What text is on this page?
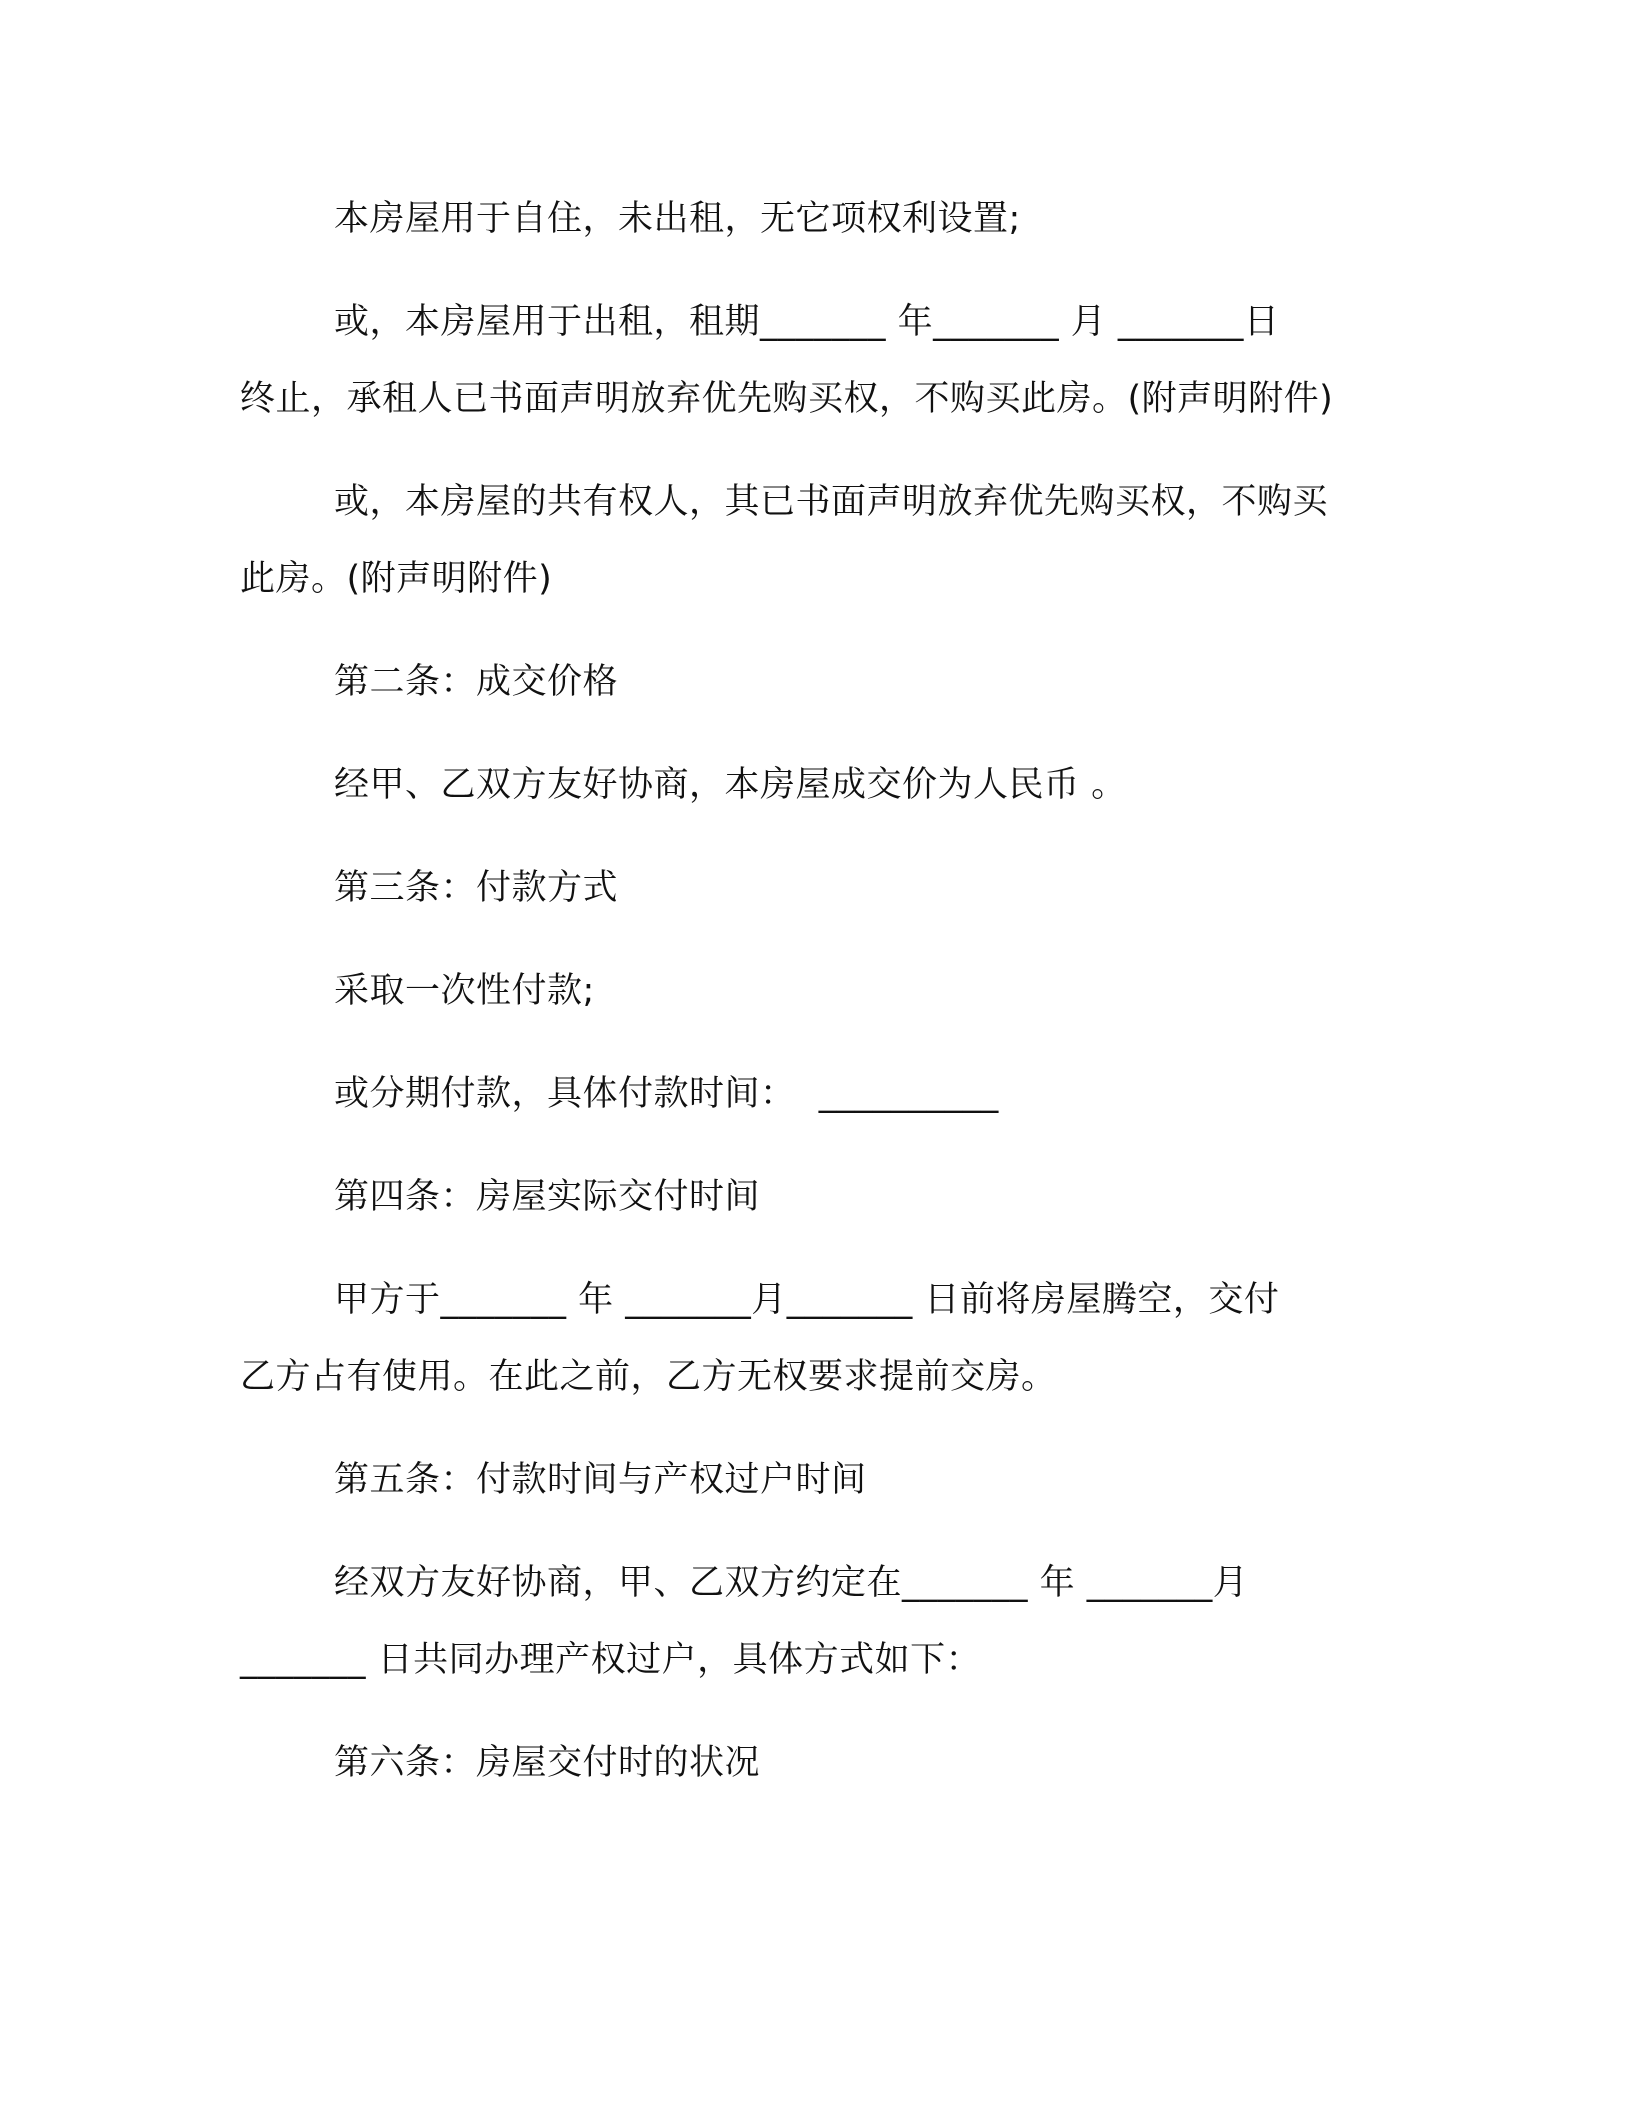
本房屋用于自住，未出租，无它项权利设置;
或，本房屋用于出租，租期_______ 年_______ 月 _______日
终止，承租人已书面声明放弃优先购买权，不购买此房。(附声明附件)
或，本房屋的共有权人，其已书面声明放弃优先购买权，不购买
此房。(附声明附件)
第二条：成交价格
经甲、乙双方友好协商，本房屋成交价为人民币 。
第三条：付款方式
采取一次性付款;
或分期付款，具体付款时间：  __________
第四条：房屋实际交付时间
甲方于_______ 年 _______月_______ 日前将房屋腾空，交付
乙方占有使用。在此之前，乙方无权要求提前交房。
第五条：付款时间与产权过户时间
经双方友好协商，甲、乙双方约定在_______ 年 _______月
_______ 日共同办理产权过户，具体方式如下：
第六条：房屋交付时的状况
